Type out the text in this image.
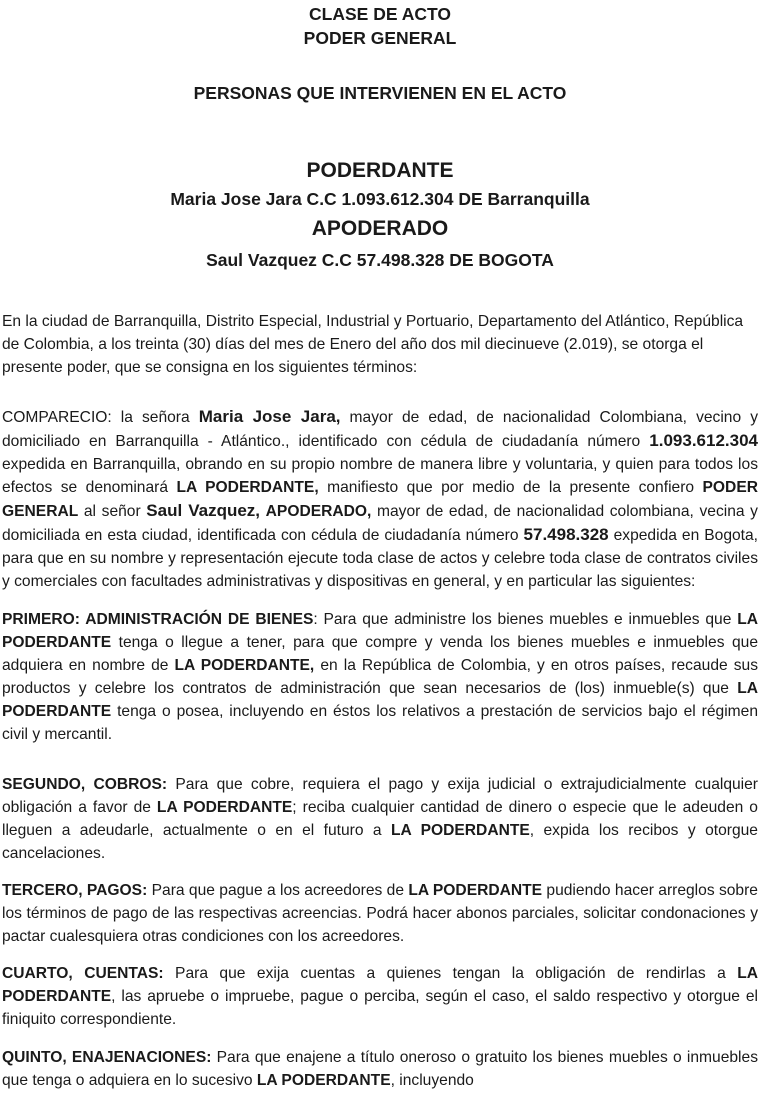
CLASE DE ACTO
PODER GENERAL
PERSONAS QUE INTERVIENEN EN EL ACTO
PODERDANTE
Maria Jose Jara C.C 1.093.612.304 DE Barranquilla
APODERADO
Saul Vazquez C.C 57.498.328 DE BOGOTA

En la ciudad de Barranquilla, Distrito Especial, Industrial y Portuario, Departamento del Atlántico, República de Colombia, a los treinta (30) días del mes de Enero del año dos mil diecinueve (2.019), se otorga el presente poder, que se consigna en los siguientes términos:

COMPARECIO: la señora Maria Jose Jara, mayor de edad, de nacionalidad Colombiana, vecino y domiciliado en Barranquilla - Atlántico., identificado con cédula de ciudadanía número 1.093.612.304 expedida en Barranquilla, obrando en su propio nombre de manera libre y voluntaria, y quien para todos los efectos se denominará LA PODERDANTE, manifiesto que por medio de la presente confiero PODER GENERAL al señor Saul Vazquez, APODERADO, mayor de edad, de nacionalidad colombiana, vecina y domiciliada en esta ciudad, identificada con cédula de ciudadanía número 57.498.328 expedida en Bogota, para que en su nombre y representación ejecute toda clase de actos y celebre toda clase de contratos civiles y comerciales con facultades administrativas y dispositivas en general, y en particular las siguientes:

PRIMERO: ADMINISTRACIÓN DE BIENES: Para que administre los bienes muebles e inmuebles que LA PODERDANTE tenga o llegue a tener, para que compre y venda los bienes muebles e inmuebles que adquiera en nombre de LA PODERDANTE, en la República de Colombia, y en otros países, recaude sus productos y celebre los contratos de administración que sean necesarios de (los) inmueble(s) que LA PODERDANTE tenga o posea, incluyendo en éstos los relativos a prestación de servicios bajo el régimen civil y mercantil.

SEGUNDO, COBROS: Para que cobre, requiera el pago y exija judicial o extrajudicialmente cualquier obligación a favor de LA PODERDANTE; reciba cualquier cantidad de dinero o especie que le adeuden o lleguen a adeudarle, actualmente o en el futuro a LA PODERDANTE, expida los recibos y otorgue cancelaciones.

TERCERO, PAGOS: Para que pague a los acreedores de LA PODERDANTE pudiendo hacer arreglos sobre los términos de pago de las respectivas acreencias. Podrá hacer abonos parciales, solicitar condonaciones y pactar cualesquiera otras condiciones con los acreedores.

CUARTO, CUENTAS: Para que exija cuentas a quienes tengan la obligación de rendirlas a LA PODERDANTE, las apruebe o impruebe, pague o perciba, según el caso, el saldo respectivo y otorgue el finiquito correspondiente.

QUINTO, ENAJENACIONES: Para que enajene a título oneroso o gratuito los bienes muebles o inmuebles que tenga o adquiera en lo sucesivo LA PODERDANTE, incluyendo
